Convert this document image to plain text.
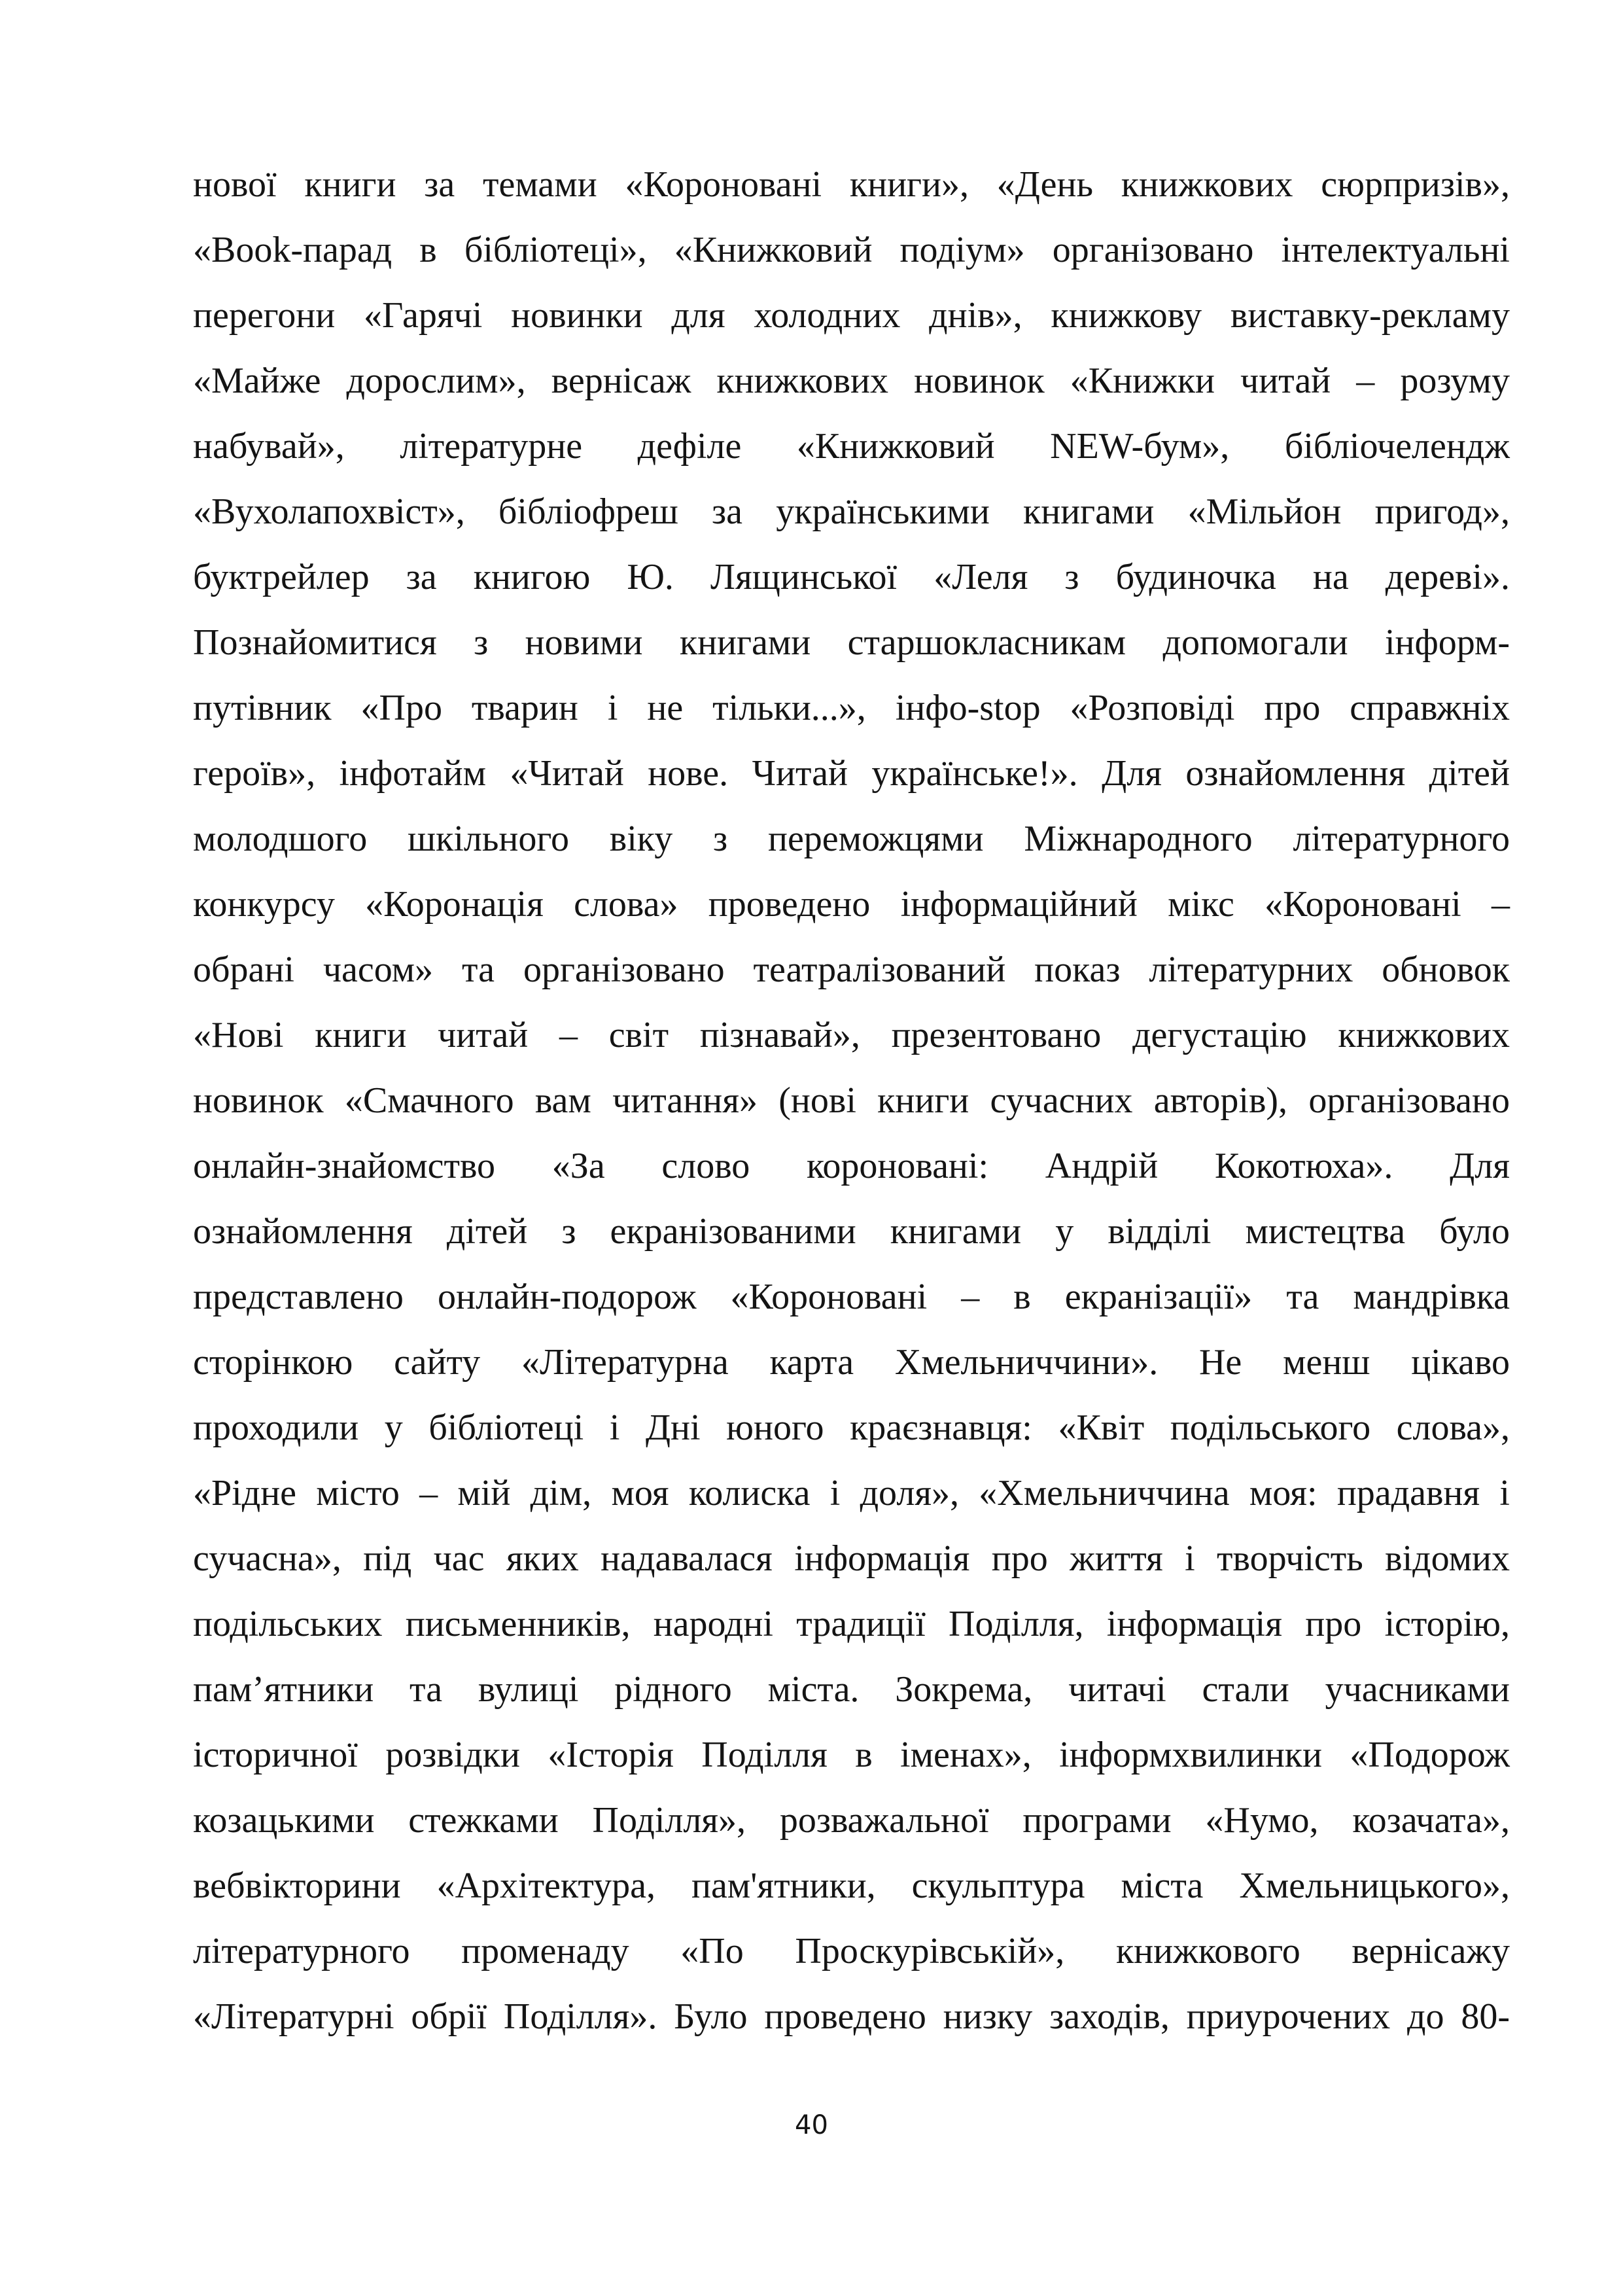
нової книги за темами «Короновані книги», «День книжкових сюрпризів»,
«Book-парад в бібліотеці», «Книжковий подіум» організовано інтелектуальні
перегони «Гарячі новинки для холодних днів», книжкову виставку-рекламу
«Майже дорослим», вернісаж книжкових новинок «Книжки читай – розуму
набувай», літературне дефіле «Книжковий NEW-бум», бібліочелендж
«Вухолапохвіст», бібліофреш за українськими книгами «Мільйон пригод»,
буктрейлер за книгою Ю. Лящинської «Леля з будиночка на дереві».
Познайомитися з новими книгами старшокласникам допомогали інформ-
путівник «Про тварин і не тільки...», інфо-stop «Розповіді про справжніх
героїв», інфотайм «Читай нове. Читай українське!». Для ознайомлення дітей
молодшого шкільного віку з переможцями Міжнародного літературного
конкурсу «Коронація слова» проведено інформаційний мікс «Короновані –
обрані часом» та організовано театралізований показ літературних обновок
«Нові книги читай – світ пізнавай», презентовано дегустацію книжкових
новинок «Смачного вам читання» (нові книги сучасних авторів), організовано
онлайн-знайомство «За слово короновані: Андрій Кокотюха». Для
ознайомлення дітей з екранізованими книгами у відділі мистецтва було
представлено онлайн-подорож «Короновані – в екранізації» та мандрівка
сторінкою сайту «Літературна карта Хмельниччини». Не менш цікаво
проходили у бібліотеці і Дні юного краєзнавця: «Квіт подільського слова»,
«Рідне місто – мій дім, моя колиска і доля», «Хмельниччина моя: прадавня і
сучасна», під час яких надавалася інформація про життя і творчість відомих
подільських письменників, народні традиції Поділля, інформація про історію,
пам’ятники та вулиці рідного міста. Зокрема, читачі стали учасниками
історичної розвідки «Історія Поділля в іменах», інформхвилинки «Подорож
козацькими стежками Поділля», розважальної програми «Нумо, козачата»,
вебвікторини «Архітектура, пам'ятники, скульптура міста Хмельницького»,
літературного променаду «По Проскурівській», книжкового вернісажу
«Літературні обрії Поділля». Було проведено низку заходів, приурочених до 80-
40
